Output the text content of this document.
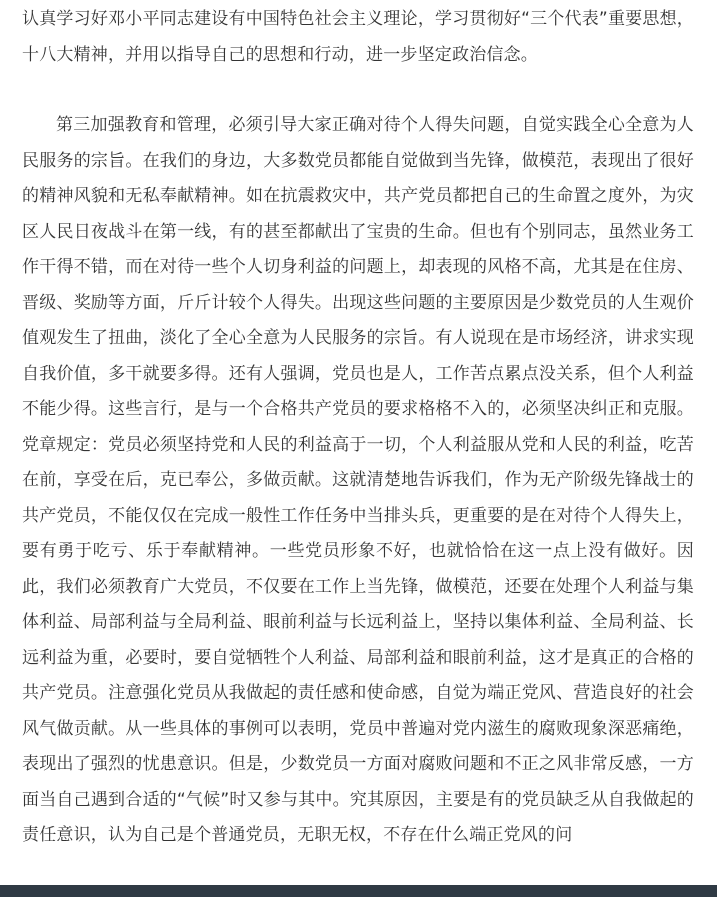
认真学习好邓小平同志建设有中国特色社会主义理论，学习贯彻好“三个代表”重要思想，十八大精神，并用以指导自己的思想和行动，进一步坚定政治信念。

第三加强教育和管理，必须引导大家正确对待个人得失问题，自觉实践全心全意为人民服务的宗旨。在我们的身边，大多数党员都能自觉做到当先锋，做模范，表现出了很好的精神风貌和无私奉献精神。如在抗震救灾中，共产党员都把自己的生命置之度外，为灾区人民日夜战斗在第一线，有的甚至都献出了宝贵的生命。但也有个别同志，虽然业务工作干得不错，而在对待一些个人切身利益的问题上，却表现的风格不高，尤其是在住房、晋级、奖励等方面，斤斤计较个人得失。出现这些问题的主要原因是少数党员的人生观价值观发生了扭曲，淡化了全心全意为人民服务的宗旨。有人说现在是市场经济，讲求实现自我价值，多干就要多得。还有人强调，党员也是人，工作苦点累点没关系，但个人利益不能少得。这些言行，是与一个合格共产党员的要求格格不入的，必须坚决纠正和克服。党章规定：党员必须坚持党和人民的利益高于一切，个人利益服从党和人民的利益，吃苦在前，享受在后，克已奉公，多做贡献。这就清楚地告诉我们，作为无产阶级先锋战士的共产党员，不能仅仅在完成一般性工作任务中当排头兵，更重要的是在对待个人得失上，要有勇于吃亏、乐于奉献精神。一些党员形象不好，也就恰恰在这一点上没有做好。因此，我们必须教育广大党员，不仅要在工作上当先锋，做模范，还要在处理个人利益与集体利益、局部利益与全局利益、眼前利益与长远利益上，坚持以集体利益、全局利益、长远利益为重，必要时，要自觉牺牲个人利益、局部利益和眼前利益，这才是真正的合格的共产党员。注意强化党员从我做起的责任感和使命感，自觉为端正党风、营造良好的社会风气做贡献。从一些具体的事例可以表明，党员中普遍对党内滋生的腐败现象深恶痛绝，表现出了强烈的忧患意识。但是，少数党员一方面对腐败问题和不正之风非常反感，一方面当自己遇到合适的“气候”时又参与其中。究其原因，主要是有的党员缺乏从自我做起的责任意识，认为自己是个普通党员，无职无权，不存在什么端正党风的问
